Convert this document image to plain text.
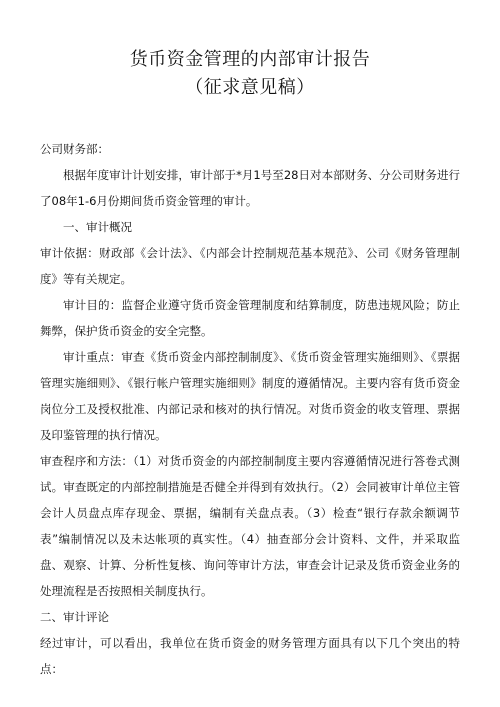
货币资金管理的内部审计报告
（征求意见稿）

公司财务部：

根据年度审计计划安排，审计部于*月1号至28日对本部财务、分公司财务进行了08年1-6月份期间货币资金管理的审计。

一、审计概况

审计依据：财政部《会计法》、《内部会计控制规范基本规范》、公司《财务管理制度》等有关规定。

审计目的：监督企业遵守货币资金管理制度和结算制度，防患违规风险；防止舞弊，保护货币资金的安全完整。

审计重点：审查《货币资金内部控制制度》、《货币资金管理实施细则》、《票据管理实施细则》、《银行帐户管理实施细则》制度的遵循情况。主要内容有货币资金岗位分工及授权批准、内部记录和核对的执行情况。对货币资金的收支管理、票据及印鉴管理的执行情况。

审查程序和方法：（1）对货币资金的内部控制制度主要内容遵循情况进行答卷式测试。审查既定的内部控制措施是否健全并得到有效执行。（2）会同被审计单位主管会计人员盘点库存现金、票据，编制有关盘点表。（3）检查“银行存款余额调节表”编制情况以及未达帐项的真实性。（4）抽查部分会计资料、文件，并采取监盘、观察、计算、分析性复核、询问等审计方法，审查会计记录及货币资金业务的处理流程是否按照相关制度执行。

二、审计评论

经过审计，可以看出，我单位在货币资金的财务管理方面具有以下几个突出的特点：
